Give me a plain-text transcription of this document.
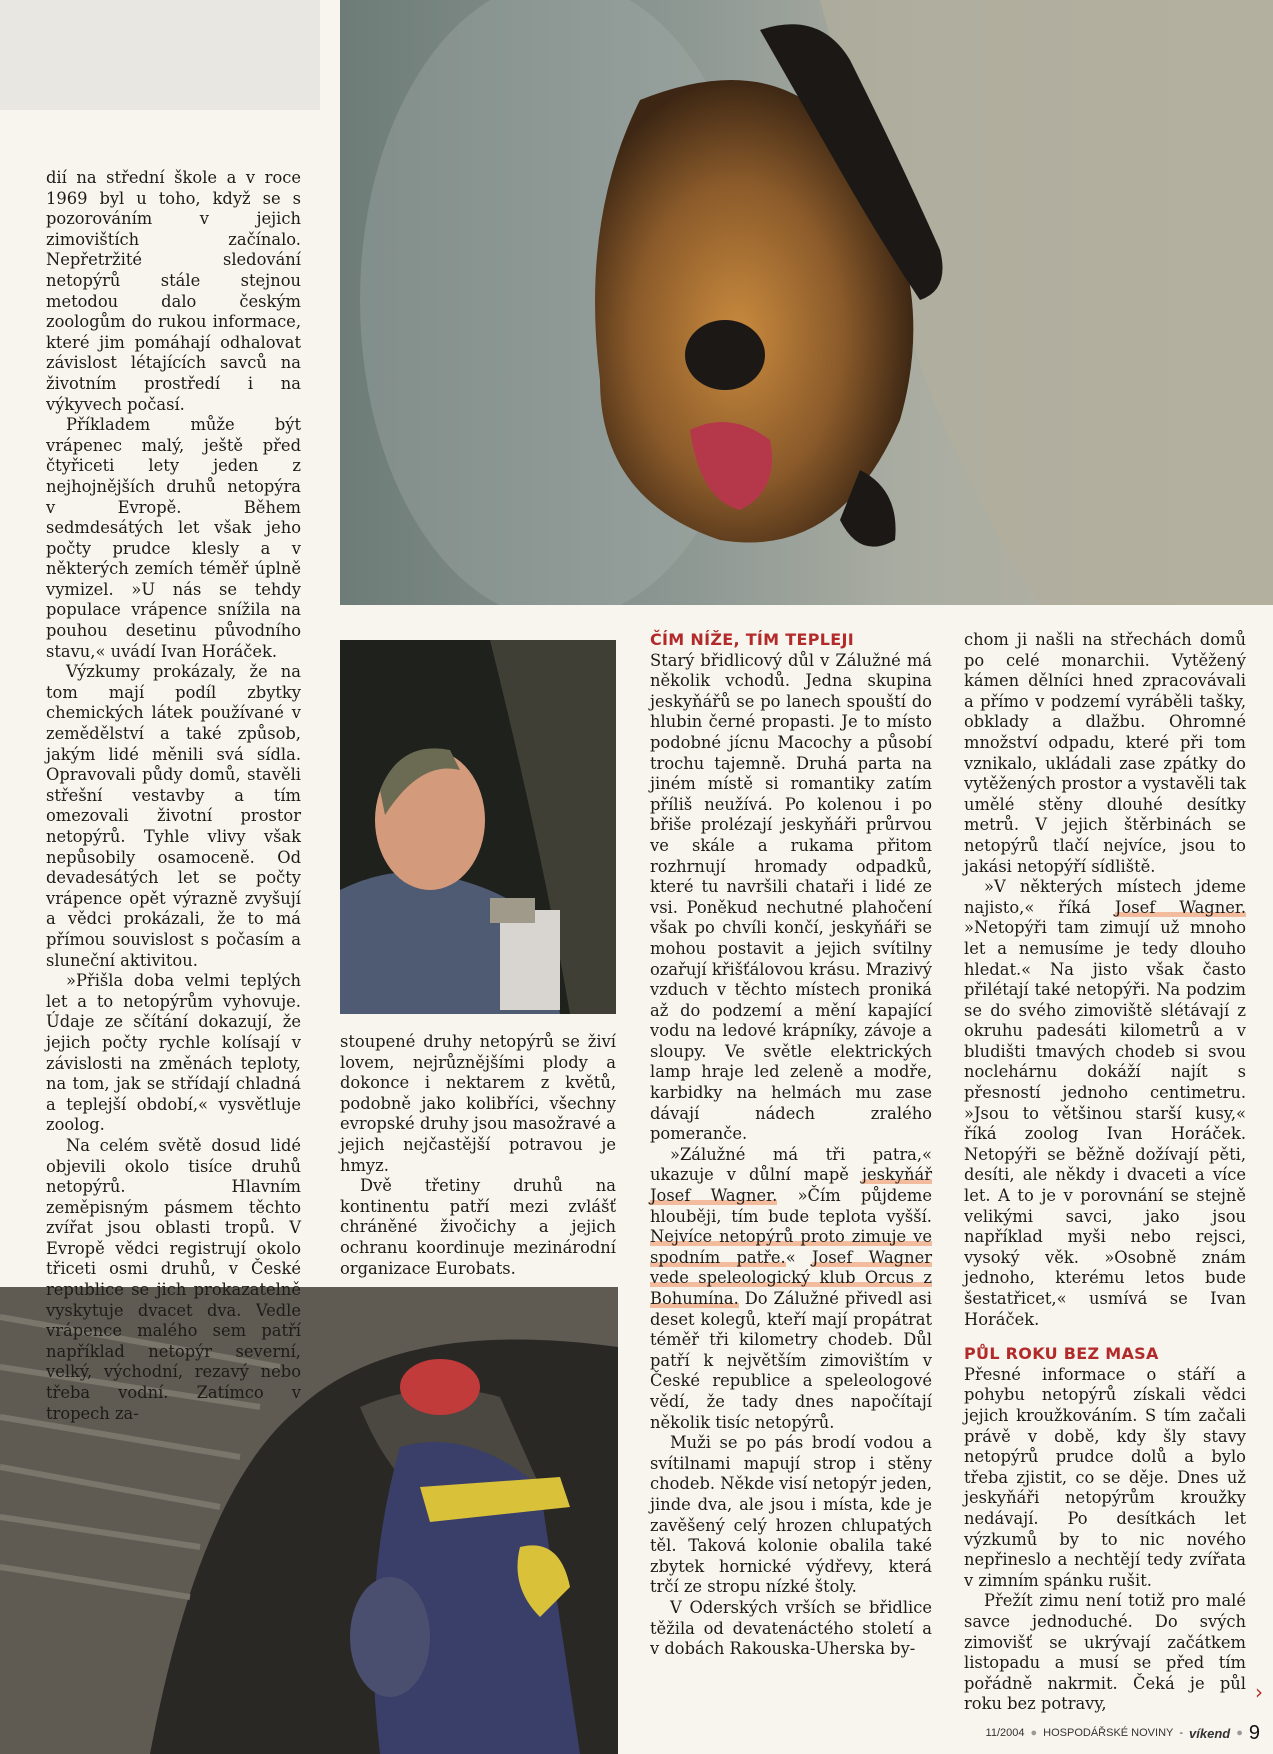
dií na střední škole a v roce 1969 byl u toho, když se s pozorováním v jejich zimovištích začínalo. Nepřetržité sledování netopýrů stále stejnou metodou dalo českým zoologům do rukou informace, které jim pomáhají odhalovat závislost létajících savců na životním prostředí i na výkyvech počasí.

Příkladem může být vrápenec malý, ještě před čtyřiceti lety jeden z nejhojnějších druhů netopýra v Evropě. Během sedmdesátých let však jeho počty prudce klesly a v některých zemích téměř úplně vymizel. »U nás se tehdy populace vrápence snížila na pouhou desetinu původního stavu,« uvádí Ivan Horáček.

Výzkumy prokázaly, že na tom mají podíl zbytky chemických látek používané v zemědělství a také způsob, jakým lidé měnili svá sídla. Opravovali půdy domů, stavěli střešní vestavby a tím omezovali životní prostor netopýrů. Tyhle vlivy však nepůsobily osamoceně. Od devadesátých let se počty vrápence opět výrazně zvyšují a vědci prokázali, že to má přímou souvislost s počasím a sluneční aktivitou.

»Přišla doba velmi teplých let a to netopýrům vyhovuje. Údaje ze sčítání dokazují, že jejich počty rychle kolísají v závislosti na změnách teploty, na tom, jak se střídají chladná a teplejší období,« vysvětluje zoolog.

Na celém světě dosud lidé objevili okolo tisíce druhů netopýrů. Hlavním zeměpisným pásmem těchto zvířat jsou oblasti tropů. V Evropě vědci registrují okolo třiceti osmi druhů, v České republice se jich prokazatelně vyskytuje dvacet dva. Vedle vrápence malého sem patří například netopýr severní, velký, východní, rezavý nebo třeba vodní. Zatímco v tropech za-

stoupené druhy netopýrů se živí lovem, nejrůznějšími plody a dokonce i nektarem z květů, podobně jako kolibříci, všechny evropské druhy jsou masožravé a jejich nejčastější potravou je hmyz.

Dvě třetiny druhů na kontinentu patří mezi zvlášť chráněné živočichy a jejich ochranu koordinuje mezinárodní organizace Eurobats.

ČÍM NÍŽE, TÍM TEPLEJI

Starý břidlicový důl v Zálužné má několik vchodů. Jedna skupina jeskyňářů se po lanech spouští do hlubin černé propasti. Je to místo podobné jícnu Macochy a působí trochu tajemně. Druhá parta na jiném místě si romantiky zatím příliš neužívá. Po kolenou i po břiše prolézají jeskyňáři průrvou ve skále a rukama přitom rozhrnují hromady odpadků, které tu navršili chataři i lidé ze vsi. Poněkud nechutné plahočení však po chvíli končí, jeskyňáři se mohou postavit a jejich svítilny ozařují křišťálovou krásu. Mrazivý vzduch v těchto místech proniká až do podzemí a mění kapající vodu na ledové krápníky, závoje a sloupy. Ve světle elektrických lamp hraje led zeleně a modře, karbidky na helmách mu zase dávají nádech zralého pomeranče.

»Zálužné má tři patra,« ukazuje v důlní mapě jeskyňář Josef Wagner. »Čím půjdeme hlouběji, tím bude teplota vyšší. Nejvíce netopýrů proto zimuje ve spodním patře.« Josef Wagner vede speleologický klub Orcus z Bohumína. Do Zálužné přivedl asi deset kolegů, kteří mají propátrat téměř tři kilometry chodeb. Důl patří k největším zimovištím v České republice a speleologové vědí, že tady dnes napočítají několik tisíc netopýrů.

Muži se po pás brodí vodou a svítilnami mapují strop i stěny chodeb. Někde visí netopýr jeden, jinde dva, ale jsou i místa, kde je zavěšený celý hrozen chlupatých těl. Taková kolonie obalila také zbytek hornické výdřevy, která trčí ze stropu nízké štoly.

V Oderských vrších se břidlice těžila od devatenáctého století a v dobách Rakouska-Uherska by-

chom ji našli na střechách domů po celé monarchii. Vytěžený kámen dělníci hned zpracovávali a přímo v podzemí vyráběli tašky, obklady a dlažbu. Ohromné množství odpadu, které při tom vznikalo, ukládali zase zpátky do vytěžených prostor a vystavěli tak umělé stěny dlouhé desítky metrů. V jejich štěrbinách se netopýrů tlačí nejvíce, jsou to jakási netopýří sídliště.

»V některých místech jdeme najisto,« říká Josef Wagner. »Netopýři tam zimují už mnoho let a nemusíme je tedy dlouho hledat.« Na jisto však často přilétají také netopýři. Na podzim se do svého zimoviště slétávají z okruhu padesáti kilometrů a v bludišti tmavých chodeb si svou noclehárnu dokáží najít s přesností jednoho centimetru. »Jsou to většinou starší kusy,« říká zoolog Ivan Horáček. Netopýři se běžně dožívají pěti, desíti, ale někdy i dvaceti a více let. A to je v porovnání se stejně velikými savci, jako jsou například myši nebo rejsci, vysoký věk. »Osobně znám jednoho, kterému letos bude šestatřicet,« usmívá se Ivan Horáček.

PŮL ROKU BEZ MASA

Přesné informace o stáří a pohybu netopýrů získali vědci jejich kroužkováním. S tím začali právě v době, kdy šly stavy netopýrů prudce dolů a bylo třeba zjistit, co se děje. Dnes už jeskyňáři netopýrům kroužky nedávají. Po desítkách let výzkumů by to nic nového nepřineslo a nechtějí tedy zvířata v zimním spánku rušit.

Přežít zimu není totiž pro malé savce jednoduché. Do svých zimovišť se ukrývají začátkem listopadu a musí se před tím pořádně nakrmit. Čeká je půl roku bez potravy,	›
11/2004 ● HOSPODÁŘSKÉ NOVINY - víkend ● 9
